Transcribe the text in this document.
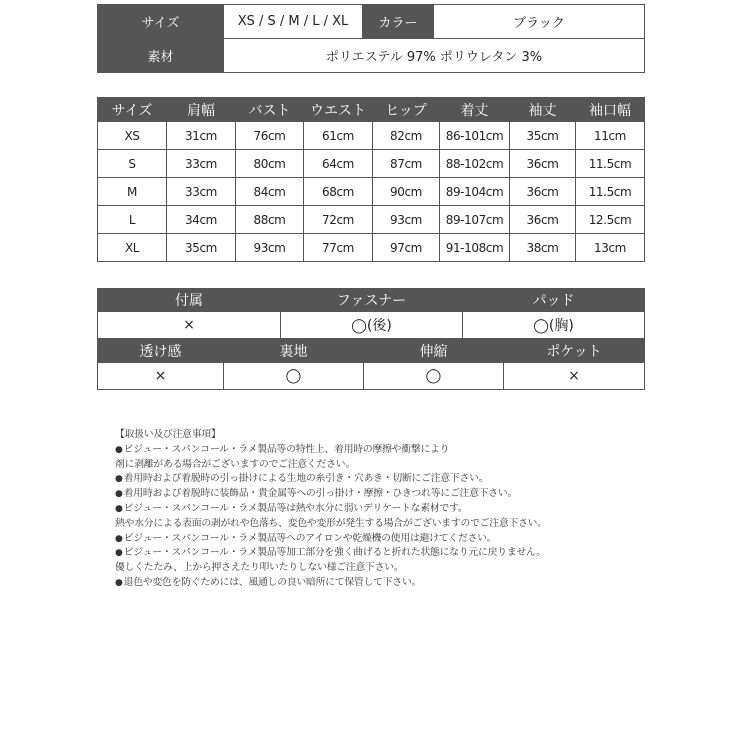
サイズ	XS / S / M / L / XL	カラー	ブラック
素材	ポリエステル 97% ポリウレタン 3%		
サイズ	肩幅	バスト	ウエスト	ヒップ	着丈	袖丈	袖口幅
XS	31cm	76cm	61cm	82cm	86-101cm	35cm	11cm
S	33cm	80cm	64cm	87cm	88-102cm	36cm	11.5cm
M	33cm	84cm	68cm	90cm	89-104cm	36cm	11.5cm
L	34cm	88cm	72cm	93cm	89-107cm	36cm	12.5cm
XL	35cm	93cm	77cm	97cm	91-108cm	38cm	13cm
付属	ファスナー	パッド
×	◯(後)	◯(胸)
透け感	裏地	伸縮	ポケット
×	◯	◯	×
【取扱い及び注意事項】
●ビジュー・スパンコール・ラメ製品等の特性上、着用時の摩擦や衝撃により
剤に剥離がある場合がございますのでご注意ください。
●着用時および着脱時の引っ掛けによる生地の糸引き・穴あき・切断にご注意下さい。
●着用時および着脱時に装飾品・貴金属等への引っ掛け・摩擦・ひきつれ等にご注意下さい。
●ビジュー・スパンコール・ラメ製品等は熱や水分に弱いデリケートな素材です。
熱や水分による表面の剥がれや色落ち、変色や変形が発生する場合がございますのでご注意下さい。
●ビジュー・スパンコール・ラメ製品等へのアイロンや乾燥機の使用は避けてください。
●ビジュー・スパンコール・ラメ製品等加工部分を強く曲げると折れた状態になり元に戻りません。
優しくたたみ、上から押さえたり叩いたりしない様ご注意下さい。
●退色や変色を防ぐためには、風通しの良い暗所にて保管して下さい。
